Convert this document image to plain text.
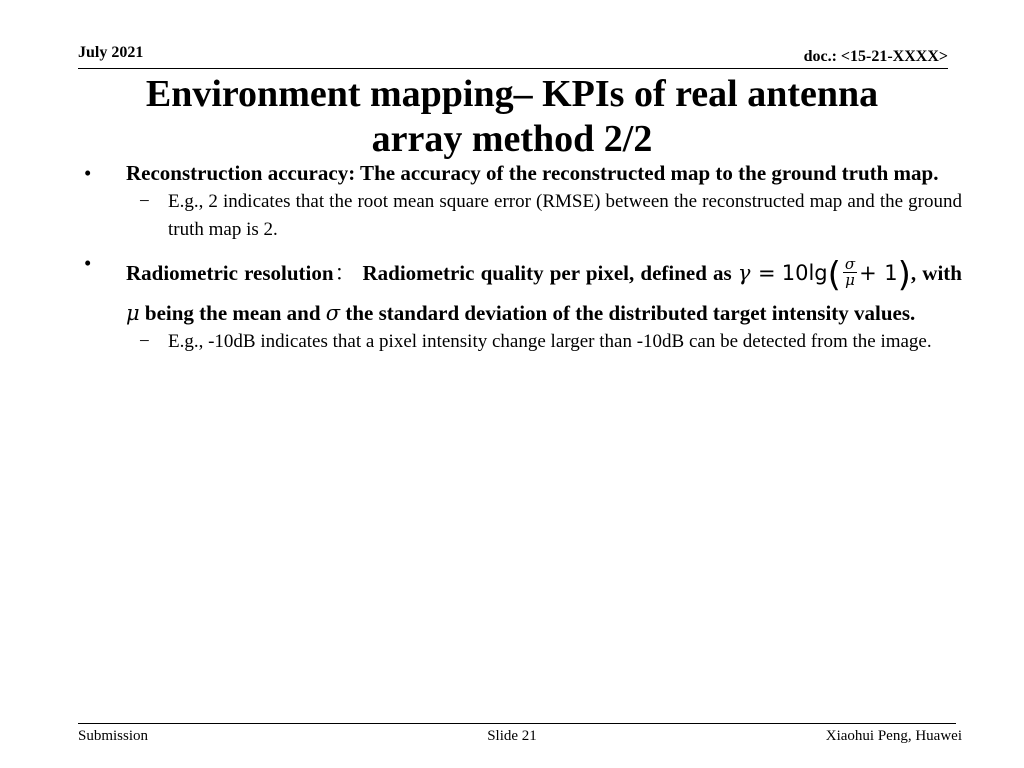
July 2021	doc.: <15-21-XXXX>
Environment mapping– KPIs of real antenna
array method 2/2
• Reconstruction accuracy: The accuracy of the reconstructed map to the ground truth map.
− E.g., 2 indicates that the root mean square error (RMSE) between the reconstructed map and the ground truth map is 2.
• Radiometric resolution： Radiometric quality per pixel, defined as $\gamma = 10\lg( \frac{\sigma}{\mu} + 1)$, with μ being the mean and σ the standard deviation of the distributed target intensity values.
− E.g., -10dB indicates that a pixel intensity change larger than -10dB can be detected from the image.
Submission	Slide 21	Xiaohui Peng, Huawei
